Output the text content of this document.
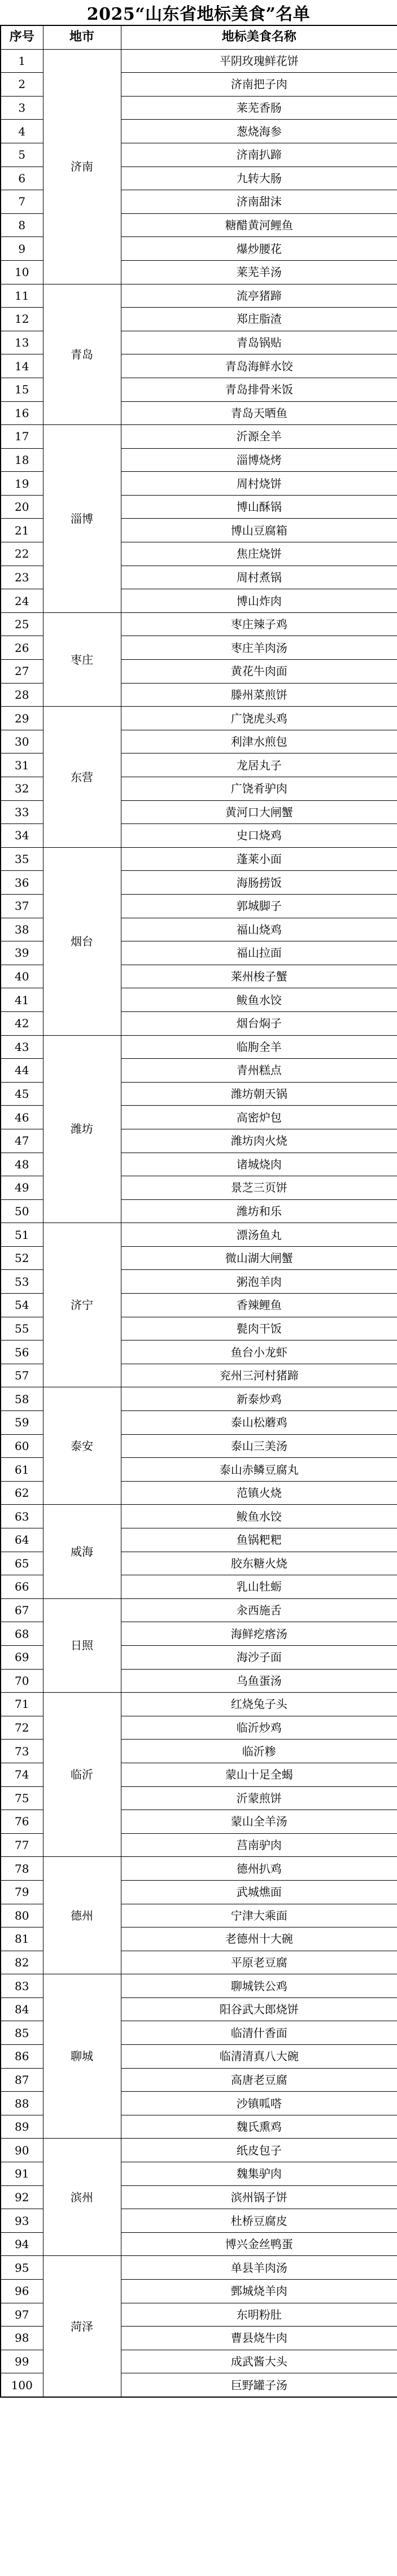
2025“山东省地标美食”名单
序号	地市	地标美食名称
1	济南	平阴玫瑰鲜花饼
2		济南把子肉
3		莱芜香肠
4		葱烧海参
5		济南扒蹄
6		九转大肠
7		济南甜沫
8		糖醋黄河鲤鱼
9		爆炒腰花
10		莱芜羊汤
11	青岛	流亭猪蹄
12		郑庄脂渣
13		青岛锅贴
14		青岛海鲜水饺
15		青岛排骨米饭
16		青岛天晒鱼
17	淄博	沂源全羊
18		淄博烧烤
19		周村烧饼
20		博山酥锅
21		博山豆腐箱
22		焦庄烧饼
23		周村煮锅
24		博山炸肉
25	枣庄	枣庄辣子鸡
26		枣庄羊肉汤
27		黄花牛肉面
28		滕州菜煎饼
29	东营	广饶虎头鸡
30		利津水煎包
31		龙居丸子
32		广饶肴驴肉
33		黄河口大闸蟹
34		史口烧鸡
35	烟台	蓬莱小面
36		海肠捞饭
37		郭城脚子
38		福山烧鸡
39		福山拉面
40		莱州梭子蟹
41		鲅鱼水饺
42		烟台焖子
43	潍坊	临朐全羊
44		青州糕点
45		潍坊朝天锅
46		高密炉包
47		潍坊肉火烧
48		诸城烧肉
49		景芝三页饼
50		潍坊和乐
51	济宁	漂汤鱼丸
52		微山湖大闸蟹
53		粥泡羊肉
54		香辣鲤鱼
55		甏肉干饭
56		鱼台小龙虾
57		兖州三河村猪蹄
58	泰安	新泰炒鸡
59		泰山松蘑鸡
60		泰山三美汤
61		泰山赤鳞豆腐丸
62		范镇火烧
63	威海	鲅鱼水饺
64		鱼锅粑粑
65		胶东糖火烧
66		乳山牡蛎
67	日照	汆西施舌
68		海鲜疙瘩汤
69		海沙子面
70		乌鱼蛋汤
71	临沂	红烧兔子头
72		临沂炒鸡
73		临沂糁
74		蒙山十足全蝎
75		沂蒙煎饼
76		蒙山全羊汤
77		莒南驴肉
78	德州	德州扒鸡
79		武城燋面
80		宁津大乘面
81		老德州十大碗
82		平原老豆腐
83	聊城	聊城铁公鸡
84		阳谷武大郎烧饼
85		临清什香面
86		临清清真八大碗
87		高唐老豆腐
88		沙镇呱嗒
89		魏氏熏鸡
90	滨州	纸皮包子
91		魏集驴肉
92		滨州锅子饼
93		杜桥豆腐皮
94		博兴金丝鸭蛋
95	菏泽	单县羊肉汤
96		鄄城烧羊肉
97		东明粉肚
98		曹县烧牛肉
99		成武酱大头
100		巨野罐子汤
